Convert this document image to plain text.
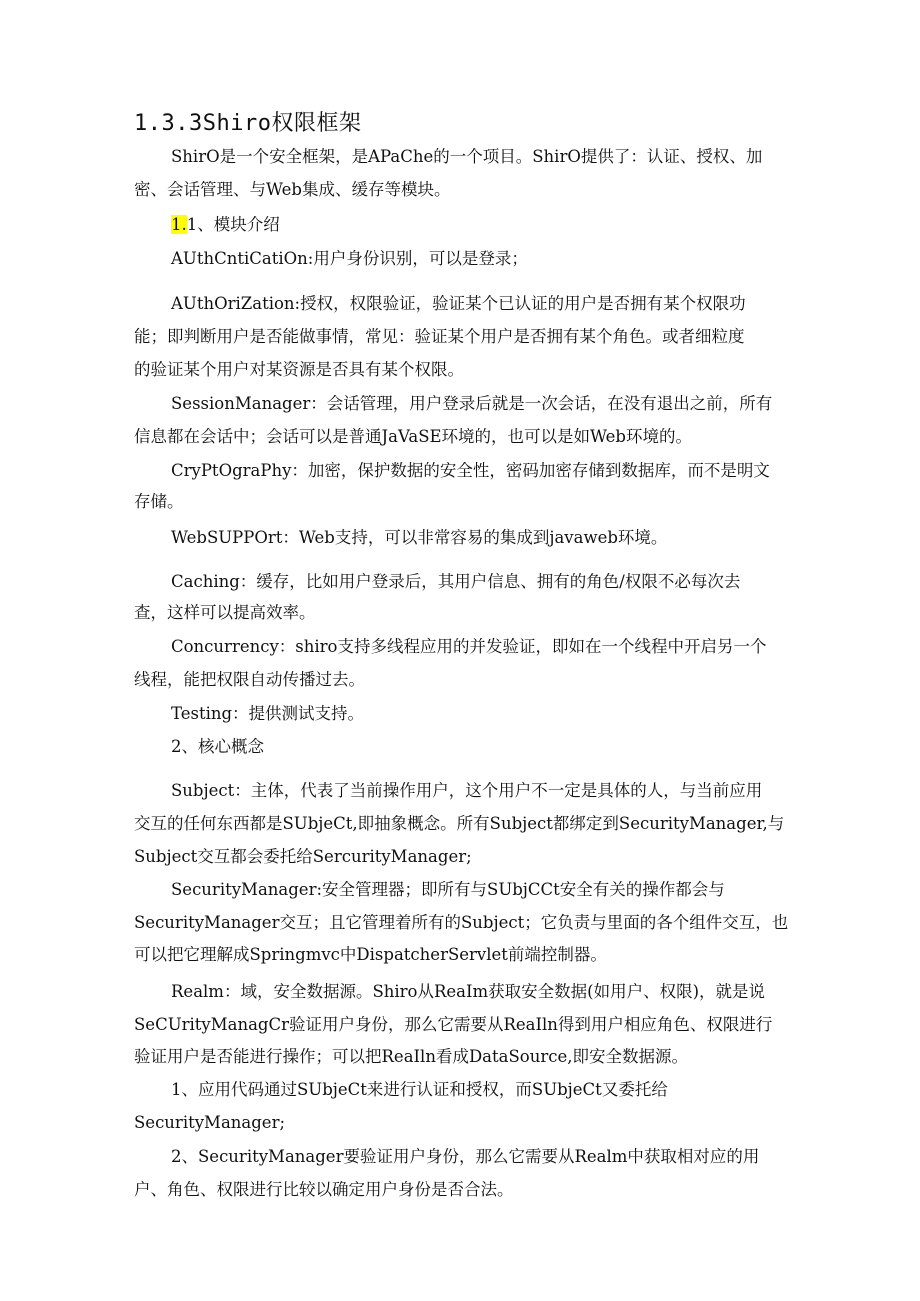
1.3.3Shiro权限框架
ShirO是一个安全框架，是APaChe的一个项目。ShirO提供了：认证、授权、加
密、会话管理、与Web集成、缓存等模块。
1.1、模块介绍
AUthCntiCatiOn:用户身份识别，可以是登录；
AUthOriZation:授权，权限验证，验证某个已认证的用户是否拥有某个权限功
能；即判断用户是否能做事情，常见：验证某个用户是否拥有某个角色。或者细粒度
的验证某个用户对某资源是否具有某个权限。
SessionManager：会话管理，用户登录后就是一次会话，在没有退出之前，所有
信息都在会话中；会话可以是普通JaVaSE环境的，也可以是如Web环境的。
CryPtOgraPhy：加密，保护数据的安全性，密码加密存储到数据库，而不是明文
存储。
WebSUPPOrt：Web支持，可以非常容易的集成到javaweb环境。
Caching：缓存，比如用户登录后，其用户信息、拥有的角色/权限不必每次去
查，这样可以提高效率。
Concurrency：shiro支持多线程应用的并发验证，即如在一个线程中开启另一个
线程，能把权限自动传播过去。
Testing：提供测试支持。
2、核心概念
Subject：主体，代表了当前操作用户，这个用户不一定是具体的人，与当前应用
交互的任何东西都是SUbjeCt,即抽象概念。所有Subject都绑定到SecurityManager,与
Subject交互都会委托给SercurityManager;
SecurityManager:安全管理器；即所有与SUbjCCt安全有关的操作都会与
SecurityManager交互；且它管理着所有的Subject；它负责与里面的各个组件交互，也
可以把它理解成Springmvc中DispatcherServlet前端控制器。
Realm：域，安全数据源。Shiro从ReaIm获取安全数据(如用户、权限)，就是说
SeCUrityManagCr验证用户身份，那么它需要从ReaIln得到用户相应角色、权限进行
验证用户是否能进行操作；可以把ReaIln看成DataSource,即安全数据源。
1、应用代码通过SUbjeCt来进行认证和授权，而SUbjeCt又委托给
SecurityManager;
2、SecurityManager要验证用户身份，那么它需要从Realm中获取相对应的用
户、角色、权限进行比较以确定用户身份是否合法。
